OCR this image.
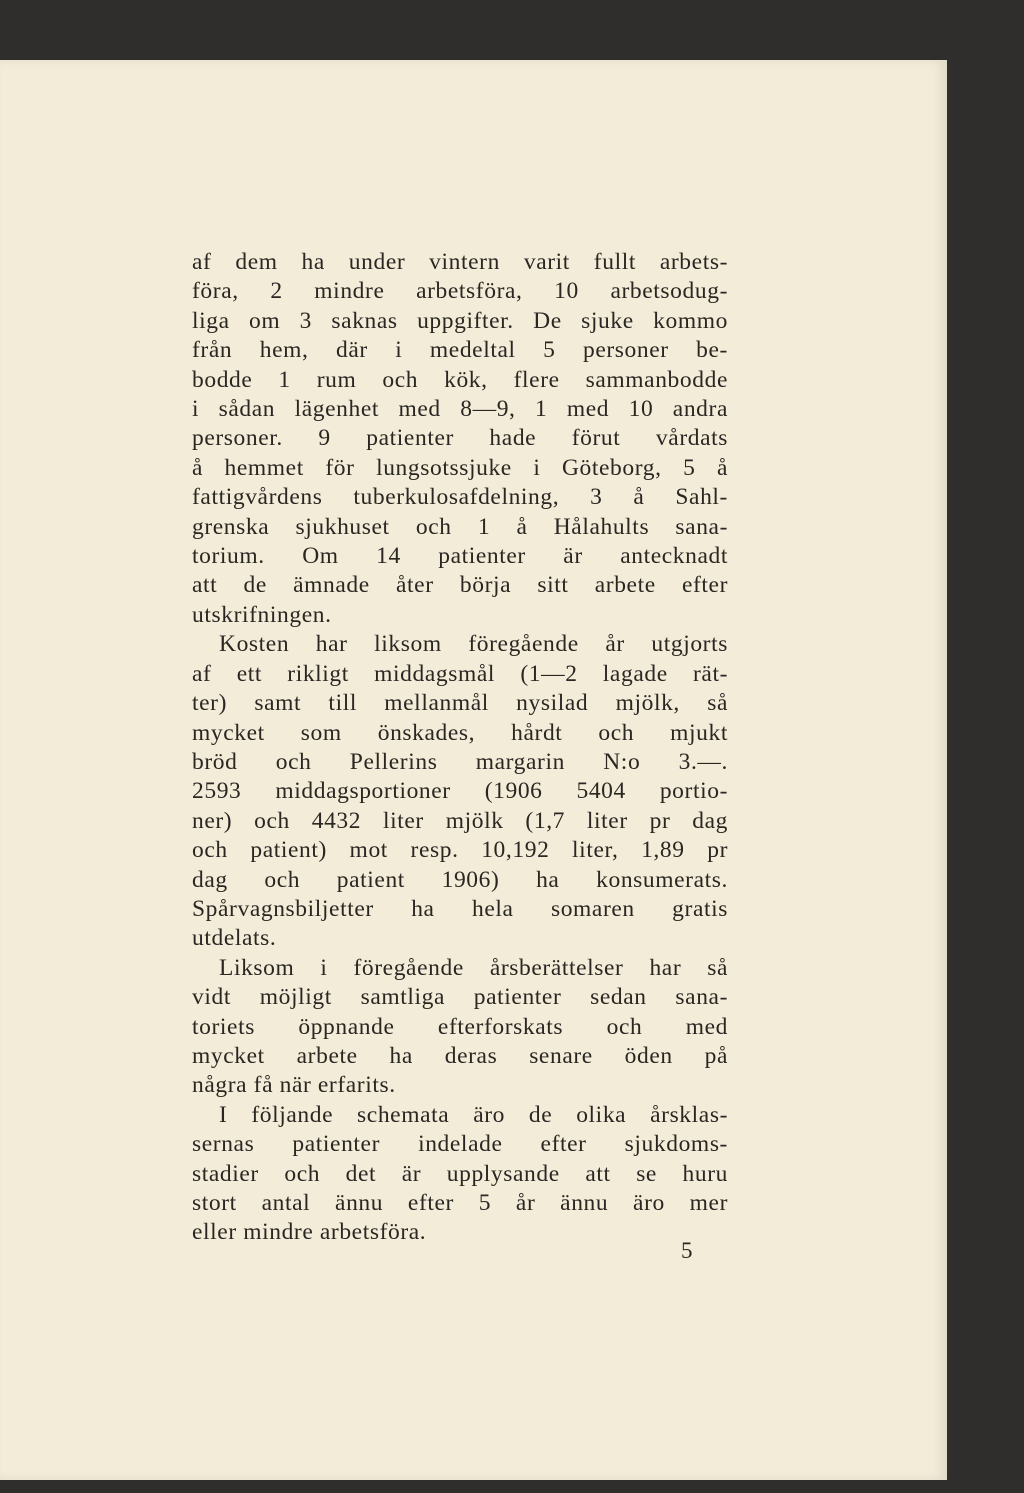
af dem ha under vintern varit fullt arbets-
föra, 2 mindre arbetsföra, 10 arbetsodug-
liga om 3 saknas uppgifter. De sjuke kommo
från hem, där i medeltal 5 personer be-
bodde 1 rum och kök, flere sammanbodde
i sådan lägenhet med 8—9, 1 med 10 andra
personer. 9 patienter hade förut vårdats
å hemmet för lungsotssjuke i Göteborg, 5 å
fattigvårdens tuberkulosafdelning, 3 å Sahl-
grenska sjukhuset och 1 å Hålahults sana-
torium. Om 14 patienter är antecknadt
att de ämnade åter börja sitt arbete efter
utskrifningen.
Kosten har liksom föregående år utgjorts
af ett rikligt middagsmål (1—2 lagade rät-
ter) samt till mellanmål nysilad mjölk, så
mycket som önskades, hårdt och mjukt
bröd och Pellerins margarin N:o 3.—.
2593 middagsportioner (1906 5404 portio-
ner) och 4432 liter mjölk (1,7 liter pr dag
och patient) mot resp. 10,192 liter, 1,89 pr
dag och patient 1906) ha konsumerats.
Spårvagnsbiljetter ha hela somaren gratis
utdelats.
Liksom i föregående årsberättelser har så
vidt möjligt samtliga patienter sedan sana-
toriets öppnande efterforskats och med
mycket arbete ha deras senare öden på
några få när erfarits.
I följande schemata äro de olika årsklas-
sernas patienter indelade efter sjukdoms-
stadier och det är upplysande att se huru
stort antal ännu efter 5 år ännu äro mer
eller mindre arbetsföra.
5
